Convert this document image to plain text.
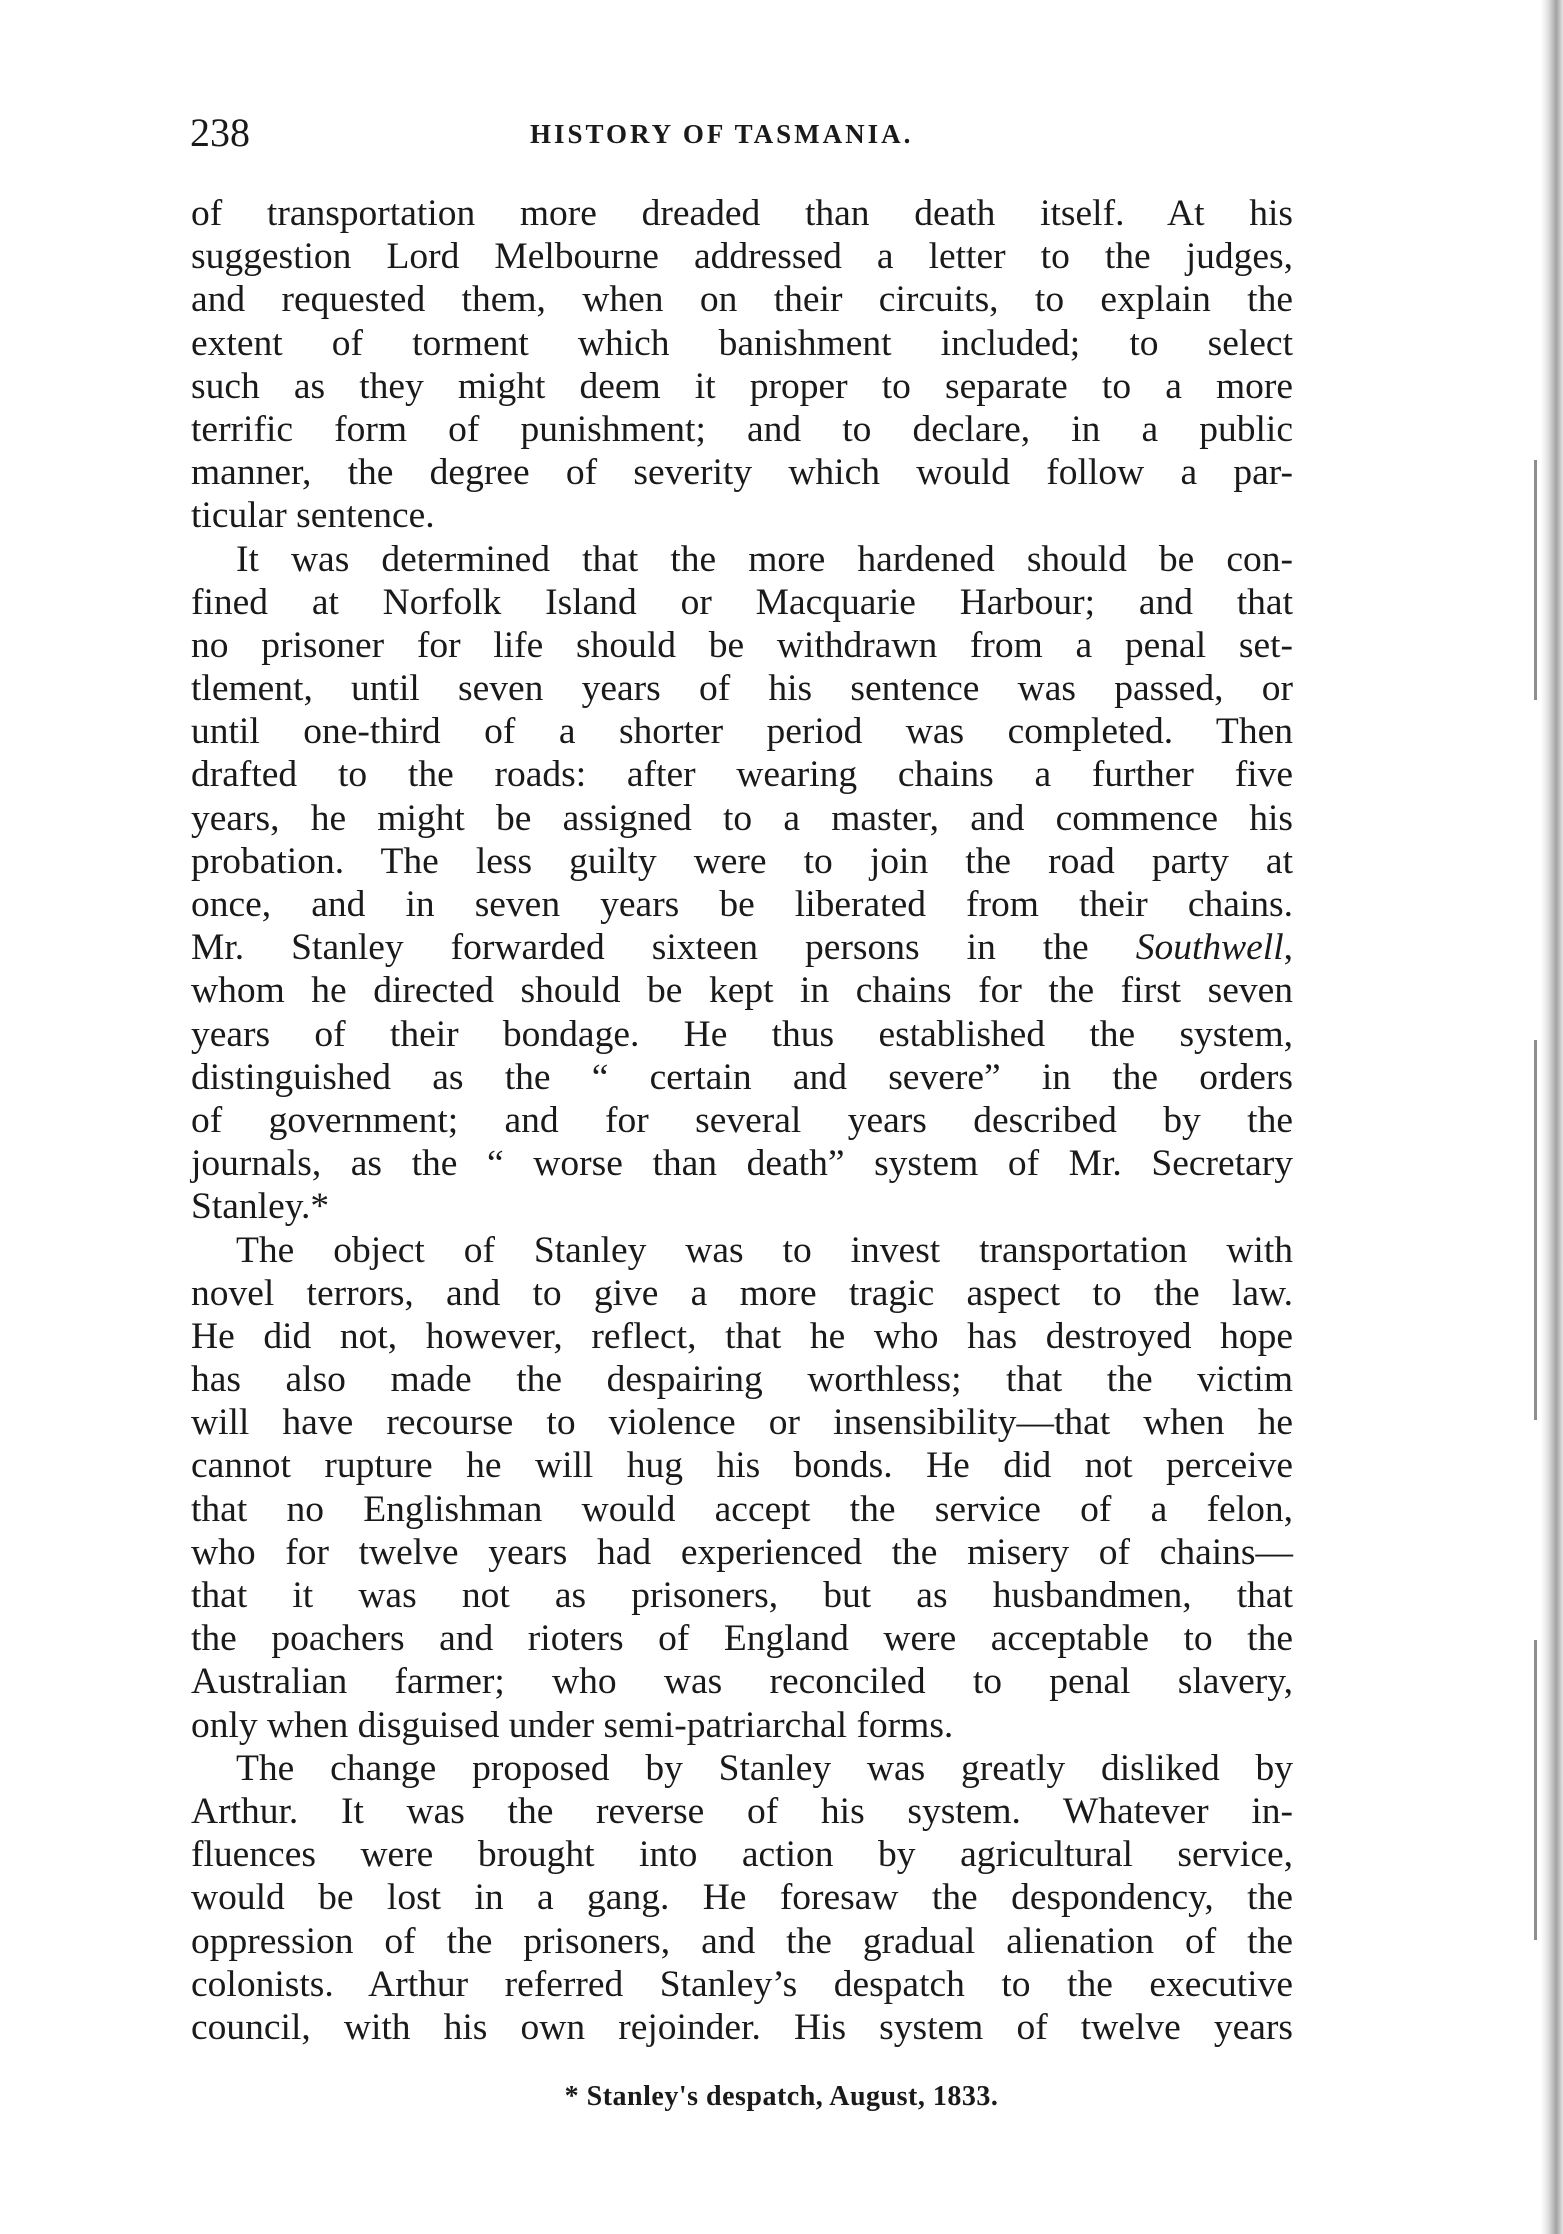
238	HISTORY OF TASMANIA.
of transportation more dreaded than death itself. At his
suggestion Lord Melbourne addressed a letter to the judges,
and requested them, when on their circuits, to explain the
extent of torment which banishment included; to select
such as they might deem it proper to separate to a more
terrific form of punishment; and to declare, in a public
manner, the degree of severity which would follow a par-
ticular sentence.
It was determined that the more hardened should be con-
fined at Norfolk Island or Macquarie Harbour; and that
no prisoner for life should be withdrawn from a penal set-
tlement, until seven years of his sentence was passed, or
until one-third of a shorter period was completed. Then
drafted to the roads: after wearing chains a further five
years, he might be assigned to a master, and commence his
probation. The less guilty were to join the road party at
once, and in seven years be liberated from their chains.
Mr. Stanley forwarded sixteen persons in the Southwell,
whom he directed should be kept in chains for the first seven
years of their bondage. He thus established the system,
distinguished as the “ certain and severe” in the orders
of government; and for several years described by the
journals, as the “ worse than death” system of Mr. Secretary
Stanley.*
The object of Stanley was to invest transportation with
novel terrors, and to give a more tragic aspect to the law.
He did not, however, reflect, that he who has destroyed hope
has also made the despairing worthless; that the victim
will have recourse to violence or insensibility—that when he
cannot rupture he will hug his bonds. He did not perceive
that no Englishman would accept the service of a felon,
who for twelve years had experienced the misery of chains—
that it was not as prisoners, but as husbandmen, that
the poachers and rioters of England were acceptable to the
Australian farmer; who was reconciled to penal slavery,
only when disguised under semi-patriarchal forms.
The change proposed by Stanley was greatly disliked by
Arthur. It was the reverse of his system. Whatever in-
fluences were brought into action by agricultural service,
would be lost in a gang. He foresaw the despondency, the
oppression of the prisoners, and the gradual alienation of the
colonists. Arthur referred Stanley’s despatch to the executive
council, with his own rejoinder. His system of twelve years
* Stanley's despatch, August, 1833.
